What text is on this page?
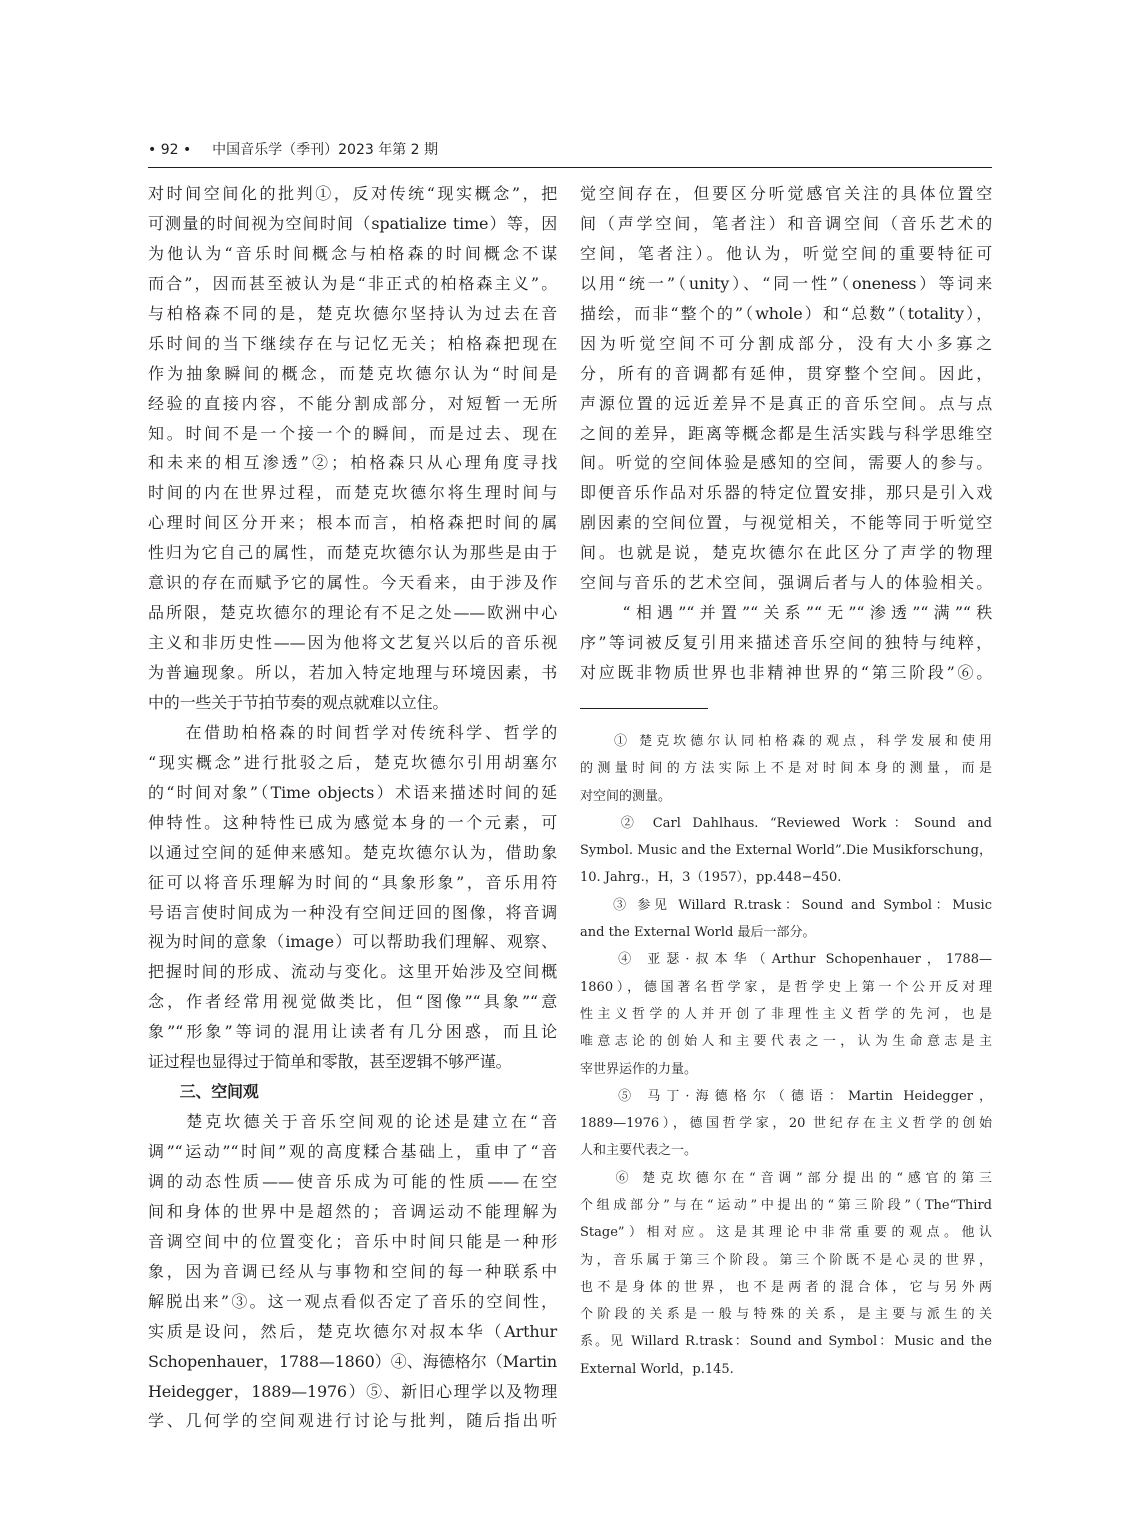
• 92 • 中国音乐学（季刊）2023 年第 2 期
对时间空间化的批判①，反对传统“现实概念”，把
可测量的时间视为空间时间（spatialize time）等，因
为他认为“音乐时间概念与柏格森的时间概念不谋
而合”，因而甚至被认为是“非正式的柏格森主义”。
与柏格森不同的是，楚克坎德尔坚持认为过去在音
乐时间的当下继续存在与记忆无关；柏格森把现在
作为抽象瞬间的概念，而楚克坎德尔认为“时间是
经验的直接内容，不能分割成部分，对短暂一无所
知。时间不是一个接一个的瞬间，而是过去、现在
和未来的相互渗透”②；柏格森只从心理角度寻找
时间的内在世界过程，而楚克坎德尔将生理时间与
心理时间区分开来；根本而言，柏格森把时间的属
性归为它自己的属性，而楚克坎德尔认为那些是由于
意识的存在而赋予它的属性。今天看来，由于涉及作
品所限，楚克坎德尔的理论有不足之处——欧洲中心
主义和非历史性——因为他将文艺复兴以后的音乐视
为普遍现象。所以，若加入特定地理与环境因素，书
中的一些关于节拍节奏的观点就难以立住。
　　在借助柏格森的时间哲学对传统科学、哲学的
“现实概念”进行批驳之后，楚克坎德尔引用胡塞尔
的“时间对象”（Time objects）术语来描述时间的延
伸特性。这种特性已成为感觉本身的一个元素，可
以通过空间的延伸来感知。楚克坎德尔认为，借助象
征可以将音乐理解为时间的“具象形象”，音乐用符
号语言使时间成为一种没有空间迂回的图像，将音调
视为时间的意象（image）可以帮助我们理解、观察、
把握时间的形成、流动与变化。这里开始涉及空间概
念，作者经常用视觉做类比，但“图像”“具象”“意
象”“形象”等词的混用让读者有几分困惑，而且论
证过程也显得过于简单和零散，甚至逻辑不够严谨。
　　三、空间观
　　楚克坎德关于音乐空间观的论述是建立在“音
调”“运动”“时间”观的高度糅合基础上，重申了“音
调的动态性质——使音乐成为可能的性质——在空
间和身体的世界中是超然的；音调运动不能理解为
音调空间中的位置变化；音乐中时间只能是一种形
象，因为音调已经从与事物和空间的每一种联系中
解脱出来”③。这一观点看似否定了音乐的空间性，
实质是设问，然后，楚克坎德尔对叔本华（Arthur
Schopenhauer，1788—1860）④、海德格尔（Martin
Heidegger，1889—1976）⑤、新旧心理学以及物理
学、几何学的空间观进行讨论与批判，随后指出听
觉空间存在，但要区分听觉感官关注的具体位置空
间（声学空间，笔者注）和音调空间（音乐艺术的
空间，笔者注）。他认为，听觉空间的重要特征可
以用“统一”（unity）、“同一性”（oneness）等词来
描绘，而非“整个的”（whole）和“总数”（totality），
因为听觉空间不可分割成部分，没有大小多寡之
分，所有的音调都有延伸，贯穿整个空间。因此，
声源位置的远近差异不是真正的音乐空间。点与点
之间的差异，距离等概念都是生活实践与科学思维空
间。听觉的空间体验是感知的空间，需要人的参与。
即便音乐作品对乐器的特定位置安排，那只是引入戏
剧因素的空间位置，与视觉相关，不能等同于听觉空
间。也就是说，楚克坎德尔在此区分了声学的物理
空间与音乐的艺术空间，强调后者与人的体验相关。
　　“相遇”“并置”“关系”“无”“渗透”“满”“秩
序”等词被反复引用来描述音乐空间的独特与纯粹，
对应既非物质世界也非精神世界的“第三阶段”⑥。
　　① 楚克坎德尔认同柏格森的观点，科学发展和使用
的测量时间的方法实际上不是对时间本身的测量，而是
对空间的测量。
　　② Carl Dahlhaus. “Reviewed Work：Sound and
Symbol. Music and the External World”.Die Musikforschung，
10. Jahrg.，H，3（1957），pp.448−450.
　　③ 参见 Willard R.trask：Sound and Symbol：Music
and the External World 最后一部分。
　　④ 亚瑟·叔本华（Arthur Schopenhauer，1788—
1860），德国著名哲学家，是哲学史上第一个公开反对理
性主义哲学的人并开创了非理性主义哲学的先河，也是
唯意志论的创始人和主要代表之一，认为生命意志是主
宰世界运作的力量。
　　⑤ 马丁·海德格尔（德语：Martin Heidegger，
1889—1976），德国哲学家，20 世纪存在主义哲学的创始
人和主要代表之一。
　　⑥ 楚克坎德尔在“音调”部分提出的“感官的第三
个组成部分”与在“运动”中提出的“第三阶段”（The“Third
Stage”）相对应。这是其理论中非常重要的观点。他认
为，音乐属于第三个阶段。第三个阶既不是心灵的世界，
也不是身体的世界，也不是两者的混合体，它与另外两
个阶段的关系是一般与特殊的关系，是主要与派生的关
系。见 Willard R.trask：Sound and Symbol：Music and the
External World，p.145.
